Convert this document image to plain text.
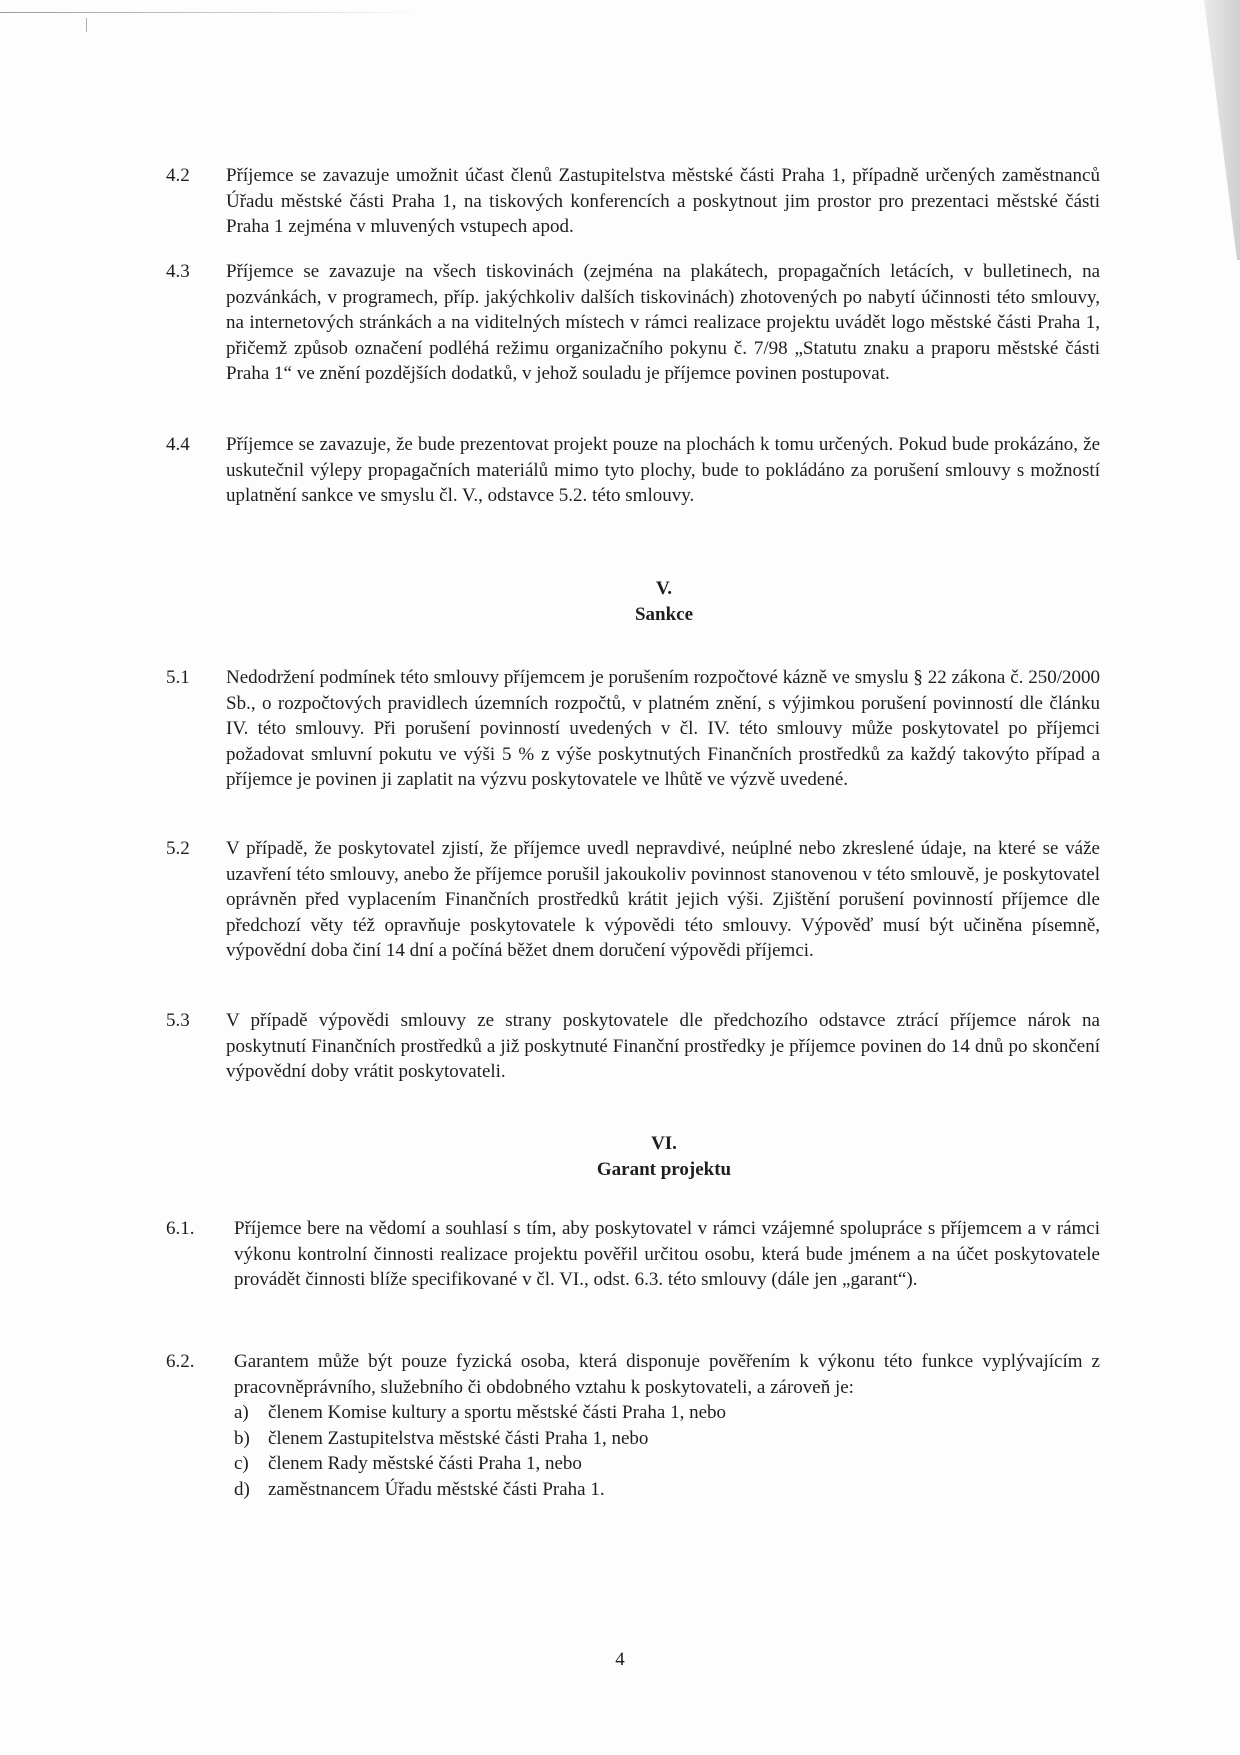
4.2	Příjemce se zavazuje umožnit účast členů Zastupitelstva městské části Praha 1, případně určených zaměstnanců Úřadu městské části Praha 1, na tiskových konferencích a poskytnout jim prostor pro prezentaci městské části Praha 1 zejména v mluvených vstupech apod.
4.3	Příjemce se zavazuje na všech tiskovinách (zejména na plakátech, propagačních letácích, v bulletinech, na pozvánkách, v programech, příp. jakýchkoliv dalších tiskovinách) zhotovených po nabytí účinnosti této smlouvy, na internetových stránkách a na viditelných místech v rámci realizace projektu uvádět logo městské části Praha 1, přičemž způsob označení podléhá režimu organizačního pokynu č. 7/98 „Statutu znaku a praporu městské části Praha 1“ ve znění pozdějších dodatků, v jehož souladu je příjemce povinen postupovat.
4.4	Příjemce se zavazuje, že bude prezentovat projekt pouze na plochách k tomu určených. Pokud bude prokázáno, že uskutečnil výlepy propagačních materiálů mimo tyto plochy, bude to pokládáno za porušení smlouvy s možností uplatnění sankce ve smyslu čl. V., odstavce 5.2. této smlouvy.
V.
Sankce
5.1	Nedodržení podmínek této smlouvy příjemcem je porušením rozpočtové kázně ve smyslu § 22 zákona č. 250/2000 Sb., o rozpočtových pravidlech územních rozpočtů, v platném znění, s výjimkou porušení povinností dle článku IV. této smlouvy. Při porušení povinností uvedených v čl. IV. této smlouvy může poskytovatel po příjemci požadovat smluvní pokutu ve výši 5 % z výše poskytnutých Finančních prostředků za každý takovýto případ a příjemce je povinen ji zaplatit na výzvu poskytovatele ve lhůtě ve výzvě uvedené.
5.2	V případě, že poskytovatel zjistí, že příjemce uvedl nepravdivé, neúplné nebo zkreslené údaje, na které se váže uzavření této smlouvy, anebo že příjemce porušil jakoukoliv povinnost stanovenou v této smlouvě, je poskytovatel oprávněn před vyplacením Finančních prostředků krátit jejich výši. Zjištění porušení povinností příjemce dle předchozí věty též opravňuje poskytovatele k výpovědi této smlouvy. Výpověď musí být učiněna písemně, výpovědní doba činí 14 dní a počíná běžet dnem doručení výpovědi příjemci.
5.3	V případě výpovědi smlouvy ze strany poskytovatele dle předchozího odstavce ztrácí příjemce nárok na poskytnutí Finančních prostředků a již poskytnuté Finanční prostředky je příjemce povinen do 14 dnů po skončení výpovědní doby vrátit poskytovateli.
VI.
Garant projektu
6.1.	Příjemce bere na vědomí a souhlasí s tím, aby poskytovatel v rámci vzájemné spolupráce s příjemcem a v rámci výkonu kontrolní činnosti realizace projektu pověřil určitou osobu, která bude jménem a na účet poskytovatele provádět činnosti blíže specifikované v čl. VI., odst. 6.3. této smlouvy (dále jen „garant“).
6.2.	Garantem může být pouze fyzická osoba, která disponuje pověřením k výkonu této funkce vyplývajícím z pracovněprávního, služebního či obdobného vztahu k poskytovateli, a zároveň je:
a) členem Komise kultury a sportu městské části Praha 1, nebo
b) členem Zastupitelstva městské části Praha 1, nebo
c) členem Rady městské části Praha 1, nebo
d) zaměstnancem Úřadu městské části Praha 1.
4
